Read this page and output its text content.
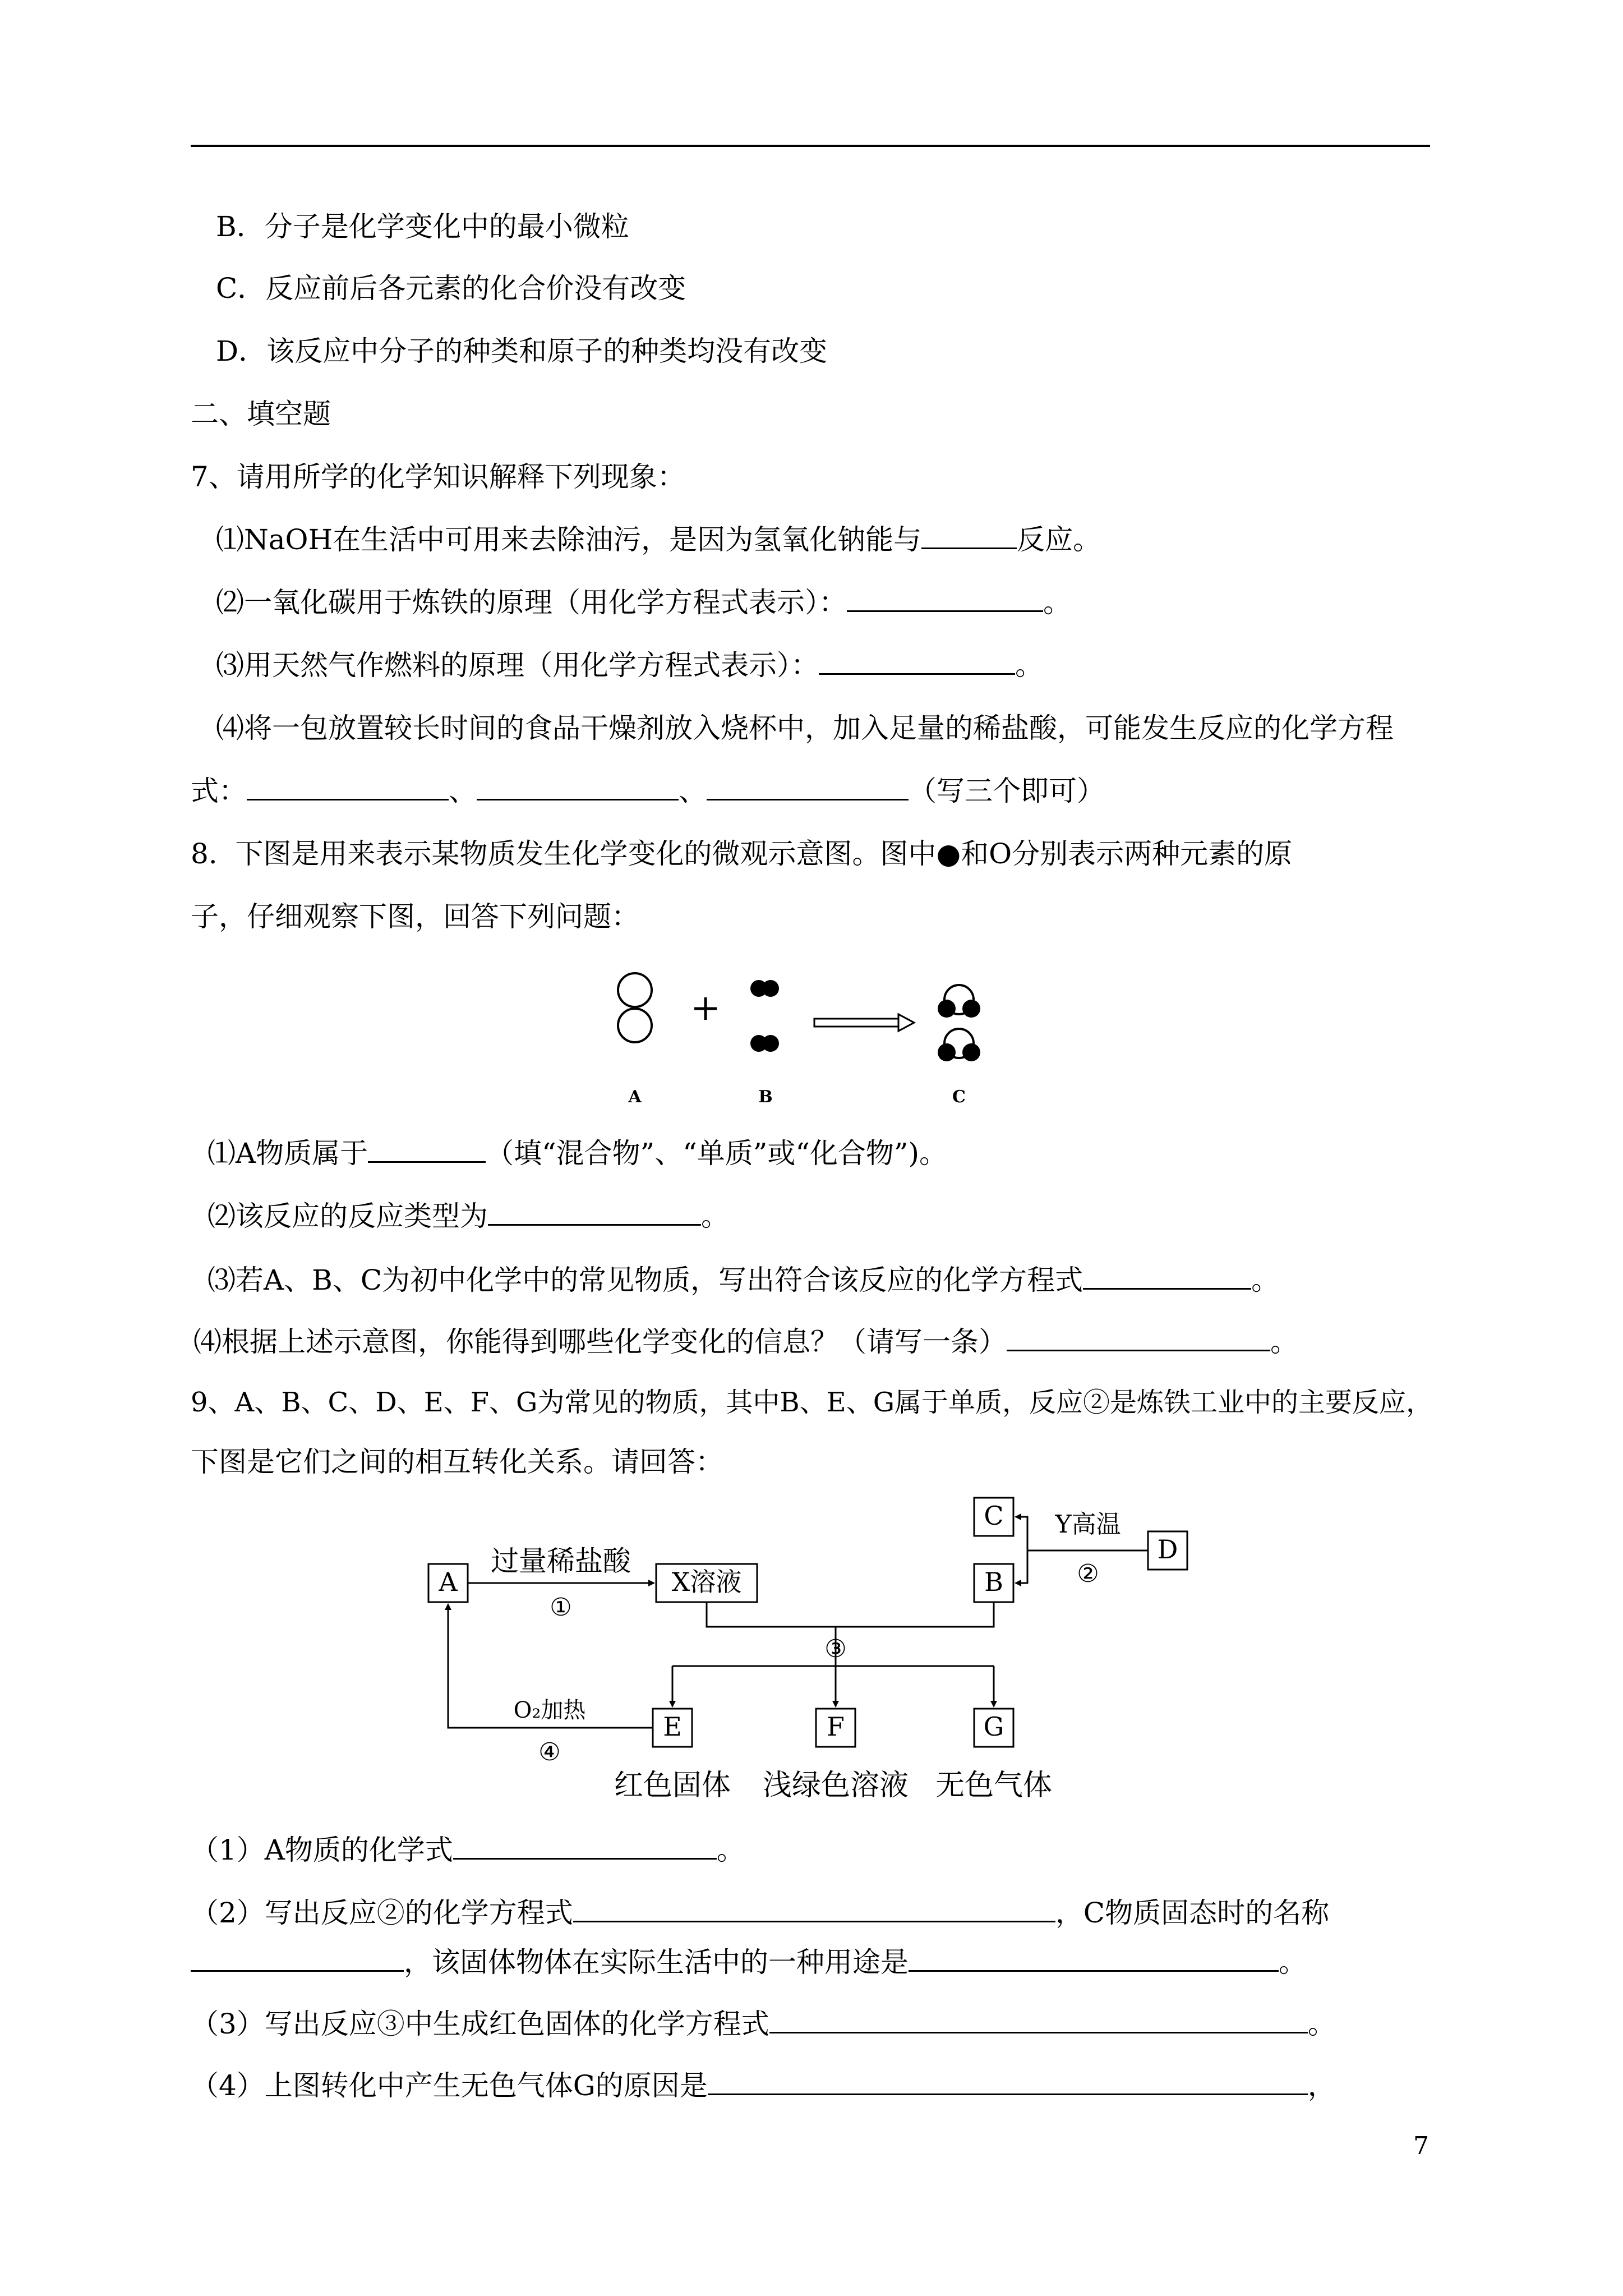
B．分子是化学变化中的最小微粒
C．反应前后各元素的化合价没有改变
D．该反应中分子的种类和原子的种类均没有改变
二、填空题
7、请用所学的化学知识解释下列现象：
⑴NaOH在生活中可用来去除油污，是因为氢氧化钠能与	反应。
⑵一氧化碳用于炼铁的原理（用化学方程式表示）：	。
⑶用天然气作燃料的原理（用化学方程式表示）：	。
⑷将一包放置较长时间的食品干燥剂放入烧杯中，加入足量的稀盐酸，可能发生反应的化学方程
式：	、	、	（写三个即可）
8.  下图是用来表示某物质发生化学变化的微观示意图。图中●和O分别表示两种元素的原
子，仔细观察下图，回答下列问题：
+
A	B	C
⑴A物质属于	（填“混合物”、“单质”或“化合物”)。
⑵该反应的反应类型为	。
⑶若A、B、C为初中化学中的常见物质，写出符合该反应的化学方程式	。
⑷根据上述示意图，你能得到哪些化学变化的信息？（请写一条）	。
9、A、B、C、D、E、F、G为常见的物质，其中B、E、G属于单质，反应②是炼铁工业中的主要反应，
下图是它们之间的相互转化关系。请回答：
A	X溶液
C
B
D
E	F	G
过量稀盐酸
①
Y高温
②
③
O₂加热
④
红色固体 浅绿色溶液 无色气体
（1）A物质的化学式	。
（2）写出反应②的化学方程式	，C物质固态时的名称
，该固体物体在实际生活中的一种用途是	。
（3）写出反应③中生成红色固体的化学方程式	。
（4）上图转化中产生无色气体G的原因是	，
7
